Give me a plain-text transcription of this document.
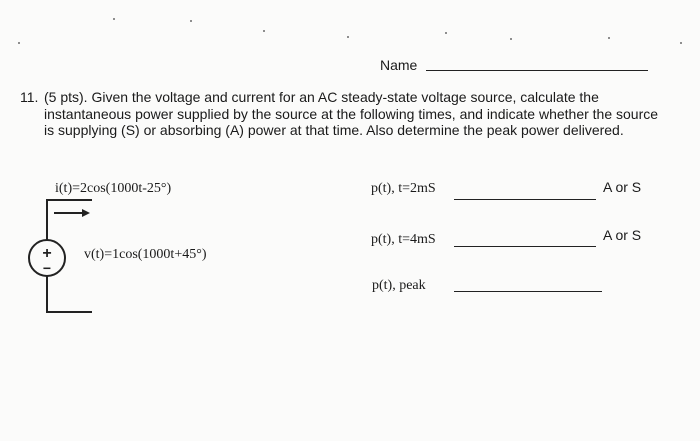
Name
11. (5 pts). Given the voltage and current for an AC steady-state voltage source, calculate the instantaneous power supplied by the source at the following times, and indicate whether the source is supplying (S) or absorbing (A) power at that time. Also determine the peak power delivered.
i(t)=2cos(1000t-25°)
v(t)=1cos(1000t+45°)
+
−
p(t), t=2mS	A or S
p(t), t=4mS	A or S
p(t), peak
